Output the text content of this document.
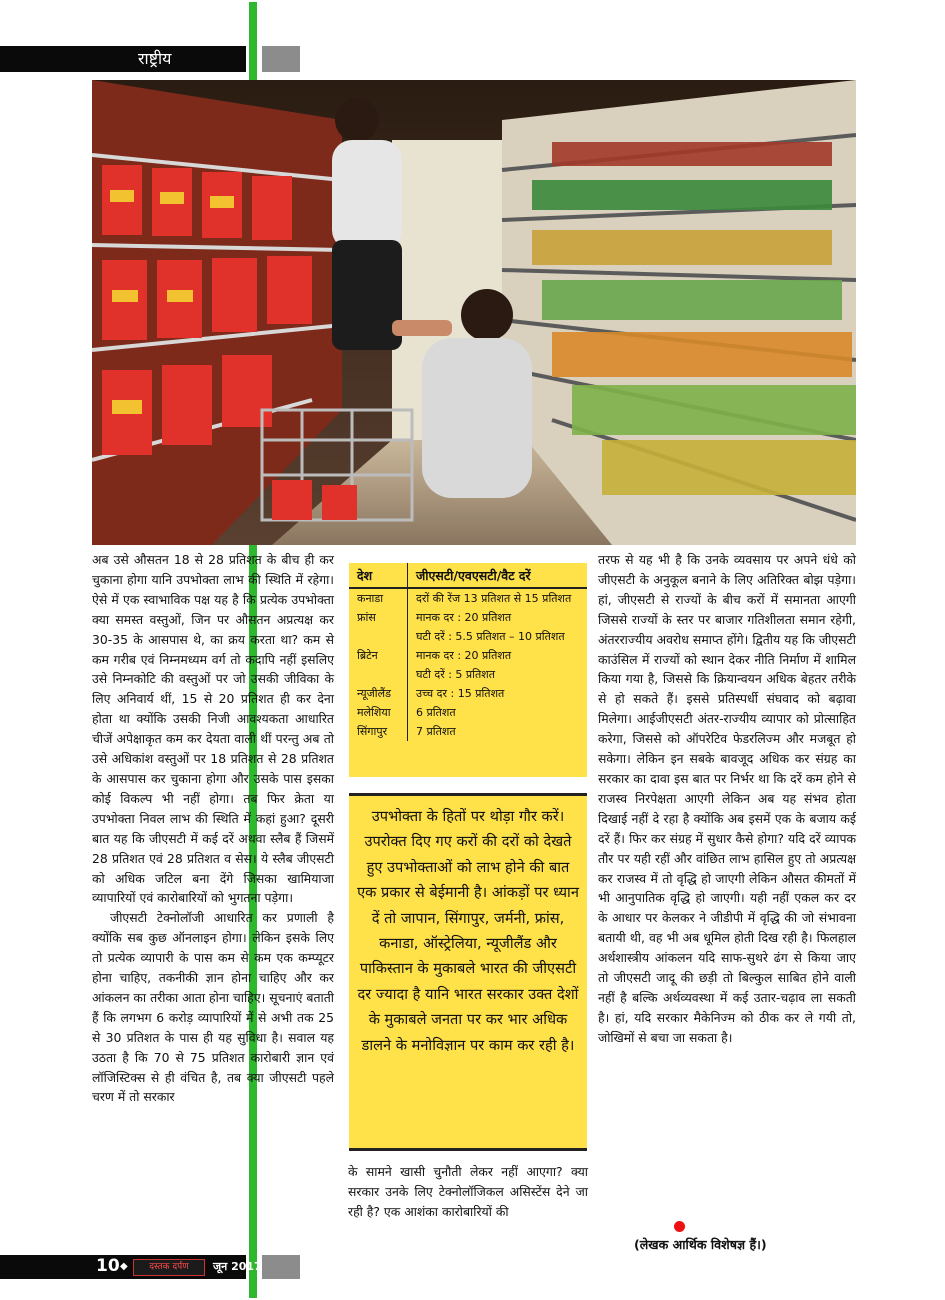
राष्ट्रीय

अब उसे औसतन 18 से 28 प्रतिशत के बीच ही कर चुकाना होगा यानि उपभोक्ता लाभ की स्थिति में रहेगा। ऐसे में एक स्वाभाविक पक्ष यह है कि प्रत्येक उपभोक्ता क्या समस्त वस्तुओं, जिन पर औसतन अप्रत्यक्ष कर 30-35 के आसपास थे, का क्रय करता था? कम से कम गरीब एवं निम्नमध्यम वर्ग तो कदापि नहीं इसलिए उसे निम्नकोटि की वस्तुओं पर जो उसकी जीविका के लिए अनिवार्य थीं, 15 से 20 प्रतिशत ही कर देना होता था क्योंकि उसकी निजी आवश्यकता आधारित चीजें अपेक्षाकृत कम कर देयता वाली थीं परन्तु अब तो उसे अधिकांश वस्तुओं पर 18 प्रतिशत से 28 प्रतिशत के आसपास कर चुकाना होगा और उसके पास इसका कोई विकल्प भी नहीं होगा। तब फिर क्रेता या उपभोक्ता निवल लाभ की स्थिति में कहां हुआ? दूसरी बात यह कि जीएसटी में कई दरें अथवा स्लैब हैं जिसमें 28 प्रतिशत एवं 28 प्रतिशत व सेस। ये स्लैब जीएसटी को अधिक जटिल बना देंगे जिसका खामियाजा व्यापारियों एवं कारोबारियों को भुगतना पड़ेगा।

जीएसटी टेक्नोलॉजी आधारित कर प्रणाली है क्योंकि सब कुछ ऑनलाइन होगा। लेकिन इसके लिए तो प्रत्येक व्यापारी के पास कम से कम एक कम्प्यूटर होना चाहिए, तकनीकी ज्ञान होना चाहिए और कर आंकलन का तरीका आता होना चाहिए। सूचनाएं बताती हैं कि लगभग 6 करोड़ व्यापारियों में से अभी तक 25 से 30 प्रतिशत के पास ही यह सुविधा है। सवाल यह उठता है कि 70 से 75 प्रतिशत कारोबारी ज्ञान एवं लॉजिस्टिक्स से ही वंचित है, तब क्या जीएसटी पहले चरण में तो सरकार

देश	जीएसटी/एवएसटी/वैट दरें
कनाडा	दरों की रेंज 13 प्रतिशत से 15 प्रतिशत
फ्रांस	मानक दर : 20 प्रतिशत
	घटी दरें : 5.5 प्रतिशत – 10 प्रतिशत
ब्रिटेन	मानक दर : 20 प्रतिशत
	घटी दरें : 5 प्रतिशत
न्यूजीलैंड	उच्च दर : 15 प्रतिशत
मलेशिया	6 प्रतिशत
सिंगापुर	7 प्रतिशत
उपभोक्ता के हितों पर थोड़ा गौर करें। उपरोक्त दिए गए करों की दरों को देखते हुए उपभोक्ताओं को लाभ होने की बात एक प्रकार से बेईमानी है। आंकड़ों पर ध्यान दें तो जापान, सिंगापुर, जर्मनी, फ्रांस, कनाडा, ऑस्ट्रेलिया, न्यूजीलैंड और पाकिस्तान के मुकाबले भारत की जीएसटी दर ज्यादा है यानि भारत सरकार उक्त देशों के मुकाबले जनता पर कर भार अधिक डालने के मनोविज्ञान पर काम कर रही है।
के सामने खासी चुनौती लेकर नहीं आएगा? क्या सरकार उनके लिए टेक्नोलॉजिकल असिस्टेंस देने जा रही है? एक आशंका कारोबारियों की

तरफ से यह भी है कि उनके व्यवसाय पर अपने धंधे को जीएसटी के अनुकूल बनाने के लिए अतिरिक्त बोझ पड़ेगा। हां, जीएसटी से राज्यों के बीच करों में समानता आएगी जिससे राज्यों के स्तर पर बाजार गतिशीलता समान रहेगी, अंतरराज्यीय अवरोध समाप्त होंगे। द्वितीय यह कि जीएसटी काउंसिल में राज्यों को स्थान देकर नीति निर्माण में शामिल किया गया है, जिससे कि क्रियान्वयन अधिक बेहतर तरीके से हो सकते हैं। इससे प्रतिस्पर्धी संघवाद को बढ़ावा मिलेगा। आईजीएसटी अंतर-राज्यीय व्यापार को प्रोत्साहित करेगा, जिससे को ऑपरेटिव फेडरलिज्म और मजबूत हो सकेगा। लेकिन इन सबके बावजूद अधिक कर संग्रह का सरकार का दावा इस बात पर निर्भर था कि दरें कम होने से राजस्व निरपेक्षता आएगी लेकिन अब यह संभव होता दिखाई नहीं दे रहा है क्योंकि अब इसमें एक के बजाय कई दरें हैं। फिर कर संग्रह में सुधार कैसे होगा? यदि दरें व्यापक तौर पर यही रहीं और वांछित लाभ हासिल हुए तो अप्रत्यक्ष कर राजस्व में तो वृद्धि हो जाएगी लेकिन औसत कीमतों में भी आनुपातिक वृद्धि हो जाएगी। यही नहीं एकल कर दर के आधार पर केलकर ने जीडीपी में वृद्धि की जो संभावना बतायी थी, वह भी अब धूमिल होती दिख रही है। फिलहाल अर्थशास्त्रीय आंकलन यदि साफ-सुथरे ढंग से किया जाए तो जीएसटी जादू की छड़ी तो बिल्कुल साबित होने वाली नहीं है बल्कि अर्थव्यवस्था में कई उतार-चढ़ाव ला सकती है। हां, यदि सरकार मैकेनिज्म को ठीक कर ले गयी तो, जोखिमों से बचा जा सकता है।

(लेखक आर्थिक विशेषज्ञ हैं।)
10 ◆	दस्तक दर्पण	जून 2017
